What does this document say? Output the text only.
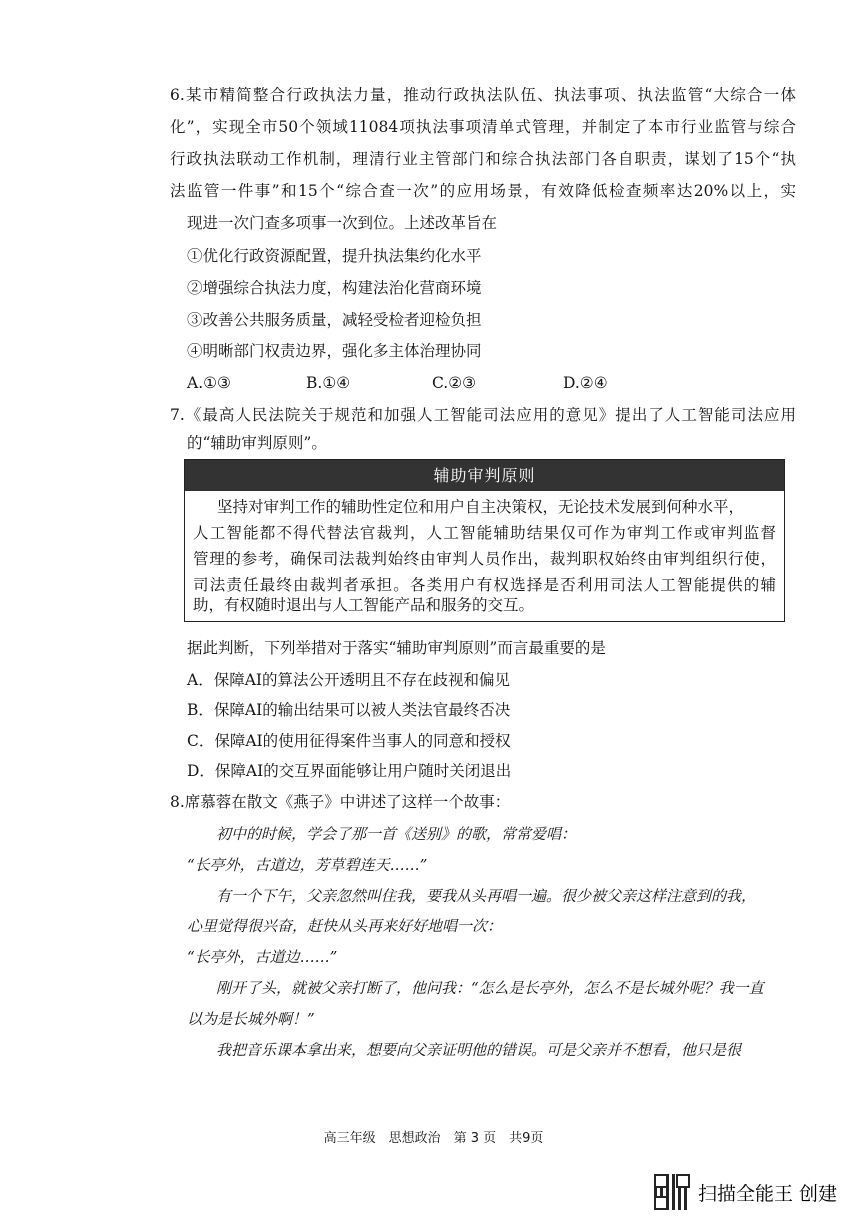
6.某市精简整合行政执法力量，推动行政执法队伍、执法事项、执法监管“大综合一体
化”，实现全市50个领域11084项执法事项清单式管理，并制定了本市行业监管与综合
行政执法联动工作机制，理清行业主管部门和综合执法部门各自职责，谋划了15个“执
法监管一件事”和15个“综合查一次”的应用场景，有效降低检查频率达20%以上，实
现进一次门查多项事一次到位。上述改革旨在
①优化行政资源配置，提升执法集约化水平
②增强综合执法力度，构建法治化营商环境
③改善公共服务质量，减轻受检者迎检负担
④明晰部门权责边界，强化多主体治理协同
A.①③	B.①④	C.②③	D.②④
7.《最高人民法院关于规范和加强人工智能司法应用的意见》提出了人工智能司法应用
的“辅助审判原则”。
辅助审判原则
坚持对审判工作的辅助性定位和用户自主决策权，无论技术发展到何种水平，
人工智能都不得代替法官裁判，人工智能辅助结果仅可作为审判工作或审判监督
管理的参考，确保司法裁判始终由审判人员作出，裁判职权始终由审判组织行使，
司法责任最终由裁判者承担。各类用户有权选择是否利用司法人工智能提供的辅
助，有权随时退出与人工智能产品和服务的交互。
据此判断，下列举措对于落实“辅助审判原则”而言最重要的是
A．保障AI的算法公开透明且不存在歧视和偏见
B．保障AI的输出结果可以被人类法官最终否决
C．保障AI的使用征得案件当事人的同意和授权
D．保障AI的交互界面能够让用户随时关闭退出
8.席慕蓉在散文《燕子》中讲述了这样一个故事：
初中的时候，学会了那一首《送别》的歌，常常爱唱：
“长亭外，古道边，芳草碧连天……”
有一个下午，父亲忽然叫住我，要我从头再唱一遍。很少被父亲这样注意到的我，
心里觉得很兴奋，赶快从头再来好好地唱一次：
“长亭外，古道边……”
刚开了头，就被父亲打断了，他问我：“怎么是长亭外，怎么不是长城外呢？我一直
以为是长城外啊！”
我把音乐课本拿出来，想要向父亲证明他的错误。可是父亲并不想看，他只是很
高三年级　思想政治　第 3 页　共9页
扫描全能王 创建
